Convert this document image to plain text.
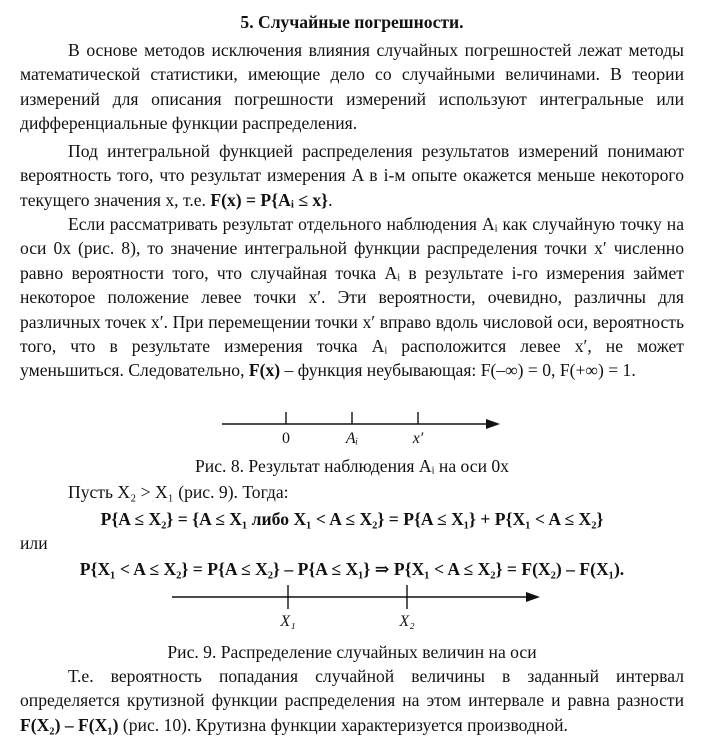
5. Случайные погрешности.
В основе методов исключения влияния случайных погрешностей лежат методы математической статистики, имеющие дело со случайными величинами. В теории измерений для описания погрешности измерений используют интегральные или дифференциальные функции распределения.
Под интегральной функцией распределения результатов измерений понимают вероятность того, что результат измерения A в i-м опыте окажется меньше некоторого текущего значения x, т.е. F(x) = P{Aᵢ ≤ x}.
Если рассматривать результат отдельного наблюдения Aᵢ как случайную точку на оси 0x (рис. 8), то значение интегральной функции распределения точки x′ численно равно вероятности того, что случайная точка Aᵢ в результате i-го измерения займет некоторое положение левее точки x′. Эти вероятности, очевидно, различны для различных точек x′. При перемещении точки x′ вправо вдоль числовой оси, вероятность того, что в результате измерения точка Aᵢ расположится левее x′, не может уменьшиться. Следовательно, F(x) – функция неубывающая: F(–∞) = 0, F(+∞) = 1.
0	Aᵢ	x′
X₁	X₂
Рис. 8. Результат наблюдения Aᵢ на оси 0x
Пусть X₂ > X₁ (рис. 9). Тогда:
P{A ≤ X₂} = {A ≤ X₁ либо X₁ < A ≤ X₂} = P{A ≤ X₁} + P{X₁ < A ≤ X₂}
или
P{X₁ < A ≤ X₂} = P{A ≤ X₂} – P{A ≤ X₁} ⇒ P{X₁ < A ≤ X₂} = F(X₂) – F(X₁).
Рис. 9. Распределение случайных величин на оси
Т.е. вероятность попадания случайной величины в заданный интервал определяется крутизной функции распределения на этом интервале и равна разности F(X₂) – F(X₁) (рис. 10). Крутизна функции характеризуется производной.
